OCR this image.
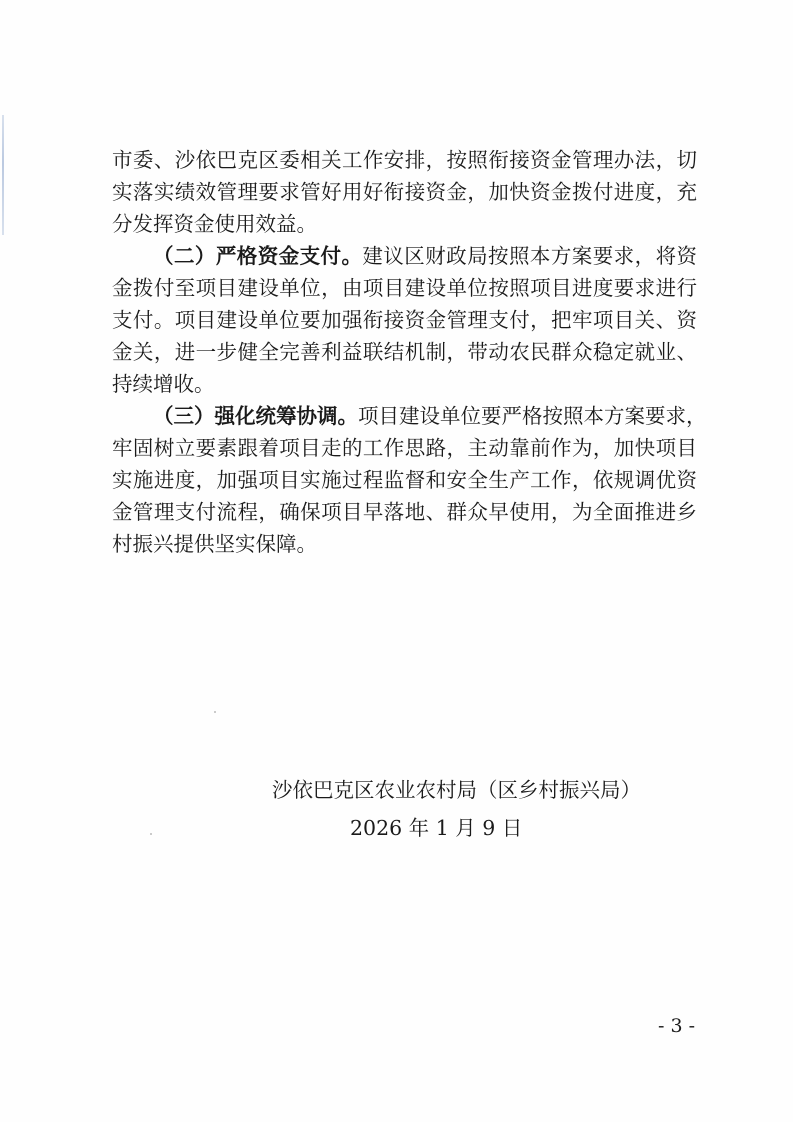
市委、沙依巴克区委相关工作安排，按照衔接资金管理办法，切
实落实绩效管理要求管好用好衔接资金，加快资金拨付进度，充
分发挥资金使用效益。
（二）严格资金支付。建议区财政局按照本方案要求，将资
金拨付至项目建设单位，由项目建设单位按照项目进度要求进行
支付。项目建设单位要加强衔接资金管理支付，把牢项目关、资
金关，进一步健全完善利益联结机制，带动农民群众稳定就业、
持续增收。
（三）强化统筹协调。项目建设单位要严格按照本方案要求，
牢固树立要素跟着项目走的工作思路，主动靠前作为，加快项目
实施进度，加强项目实施过程监督和安全生产工作，依规调优资
金管理支付流程，确保项目早落地、群众早使用，为全面推进乡
村振兴提供坚实保障。
沙依巴克区农业农村局（区乡村振兴局）
2026 年 1 月 9 日
- 3 -
